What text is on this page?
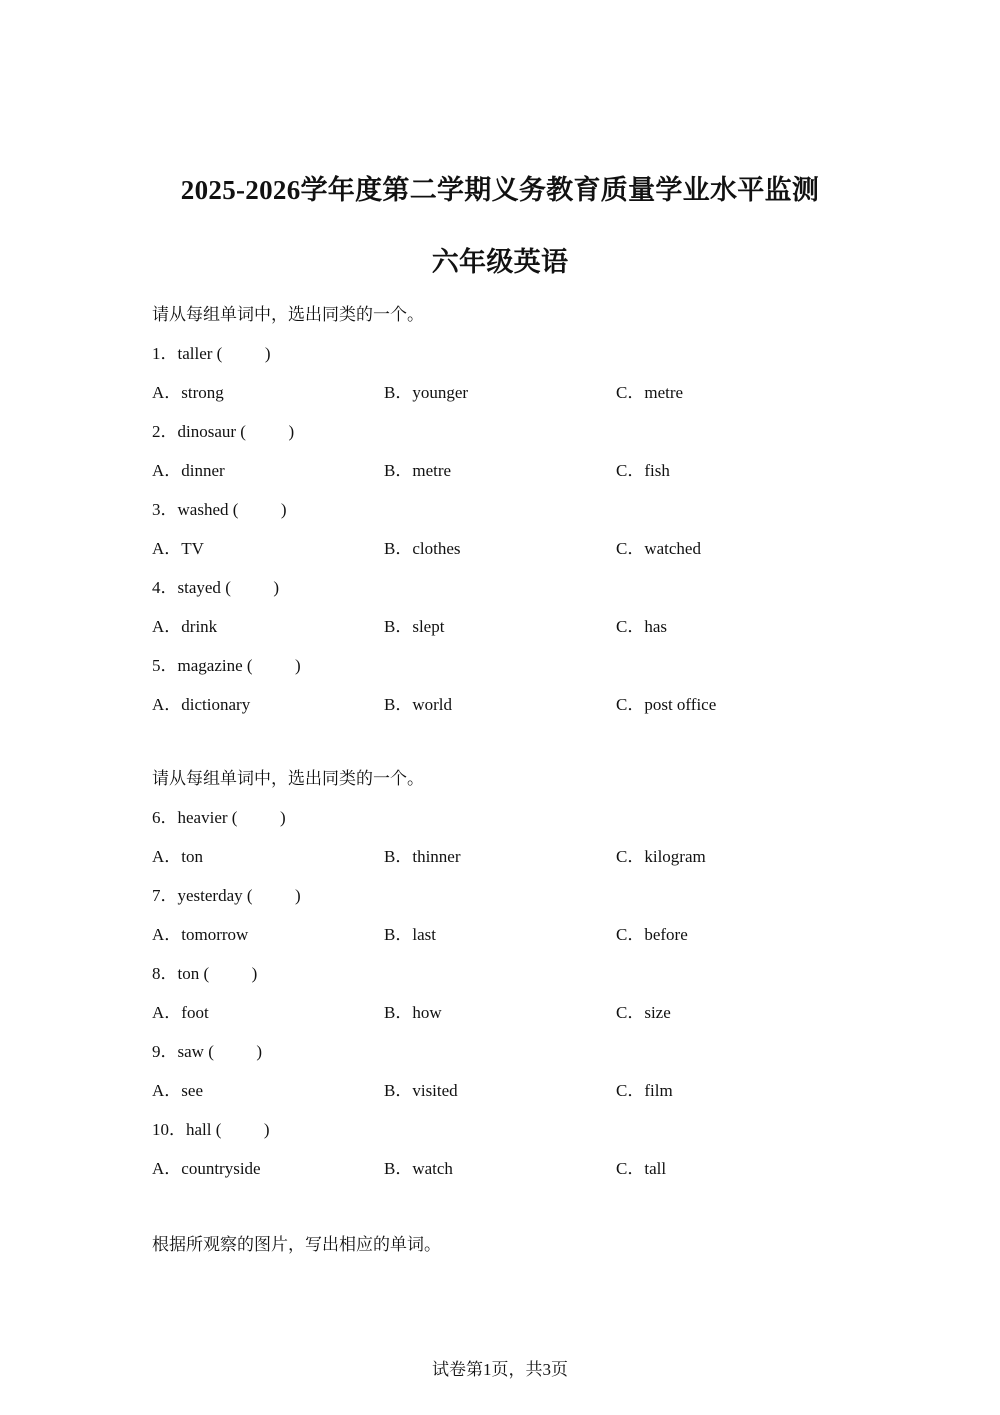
2025-2026学年度第二学期义务教育质量学业水平监测
六年级英语
请从每组单词中，选出同类的一个。
1．taller (          )
A．strong	B．younger	C．metre
2．dinosaur (          )
A．dinner	B．metre	C．fish
3．washed (          )
A．TV	B．clothes	C．watched
4．stayed (          )
A．drink	B．slept	C．has
5．magazine (          )
A．dictionary	B．world	C．post office
请从每组单词中，选出同类的一个。
6．heavier (          )
A．ton	B．thinner	C．kilogram
7．yesterday (          )
A．tomorrow	B．last	C．before
8．ton (          )
A．foot	B．how	C．size
9．saw (          )
A．see	B．visited	C．film
10．hall (          )
A．countryside	B．watch	C．tall
根据所观察的图片，写出相应的单词。
试卷第1页，共3页
